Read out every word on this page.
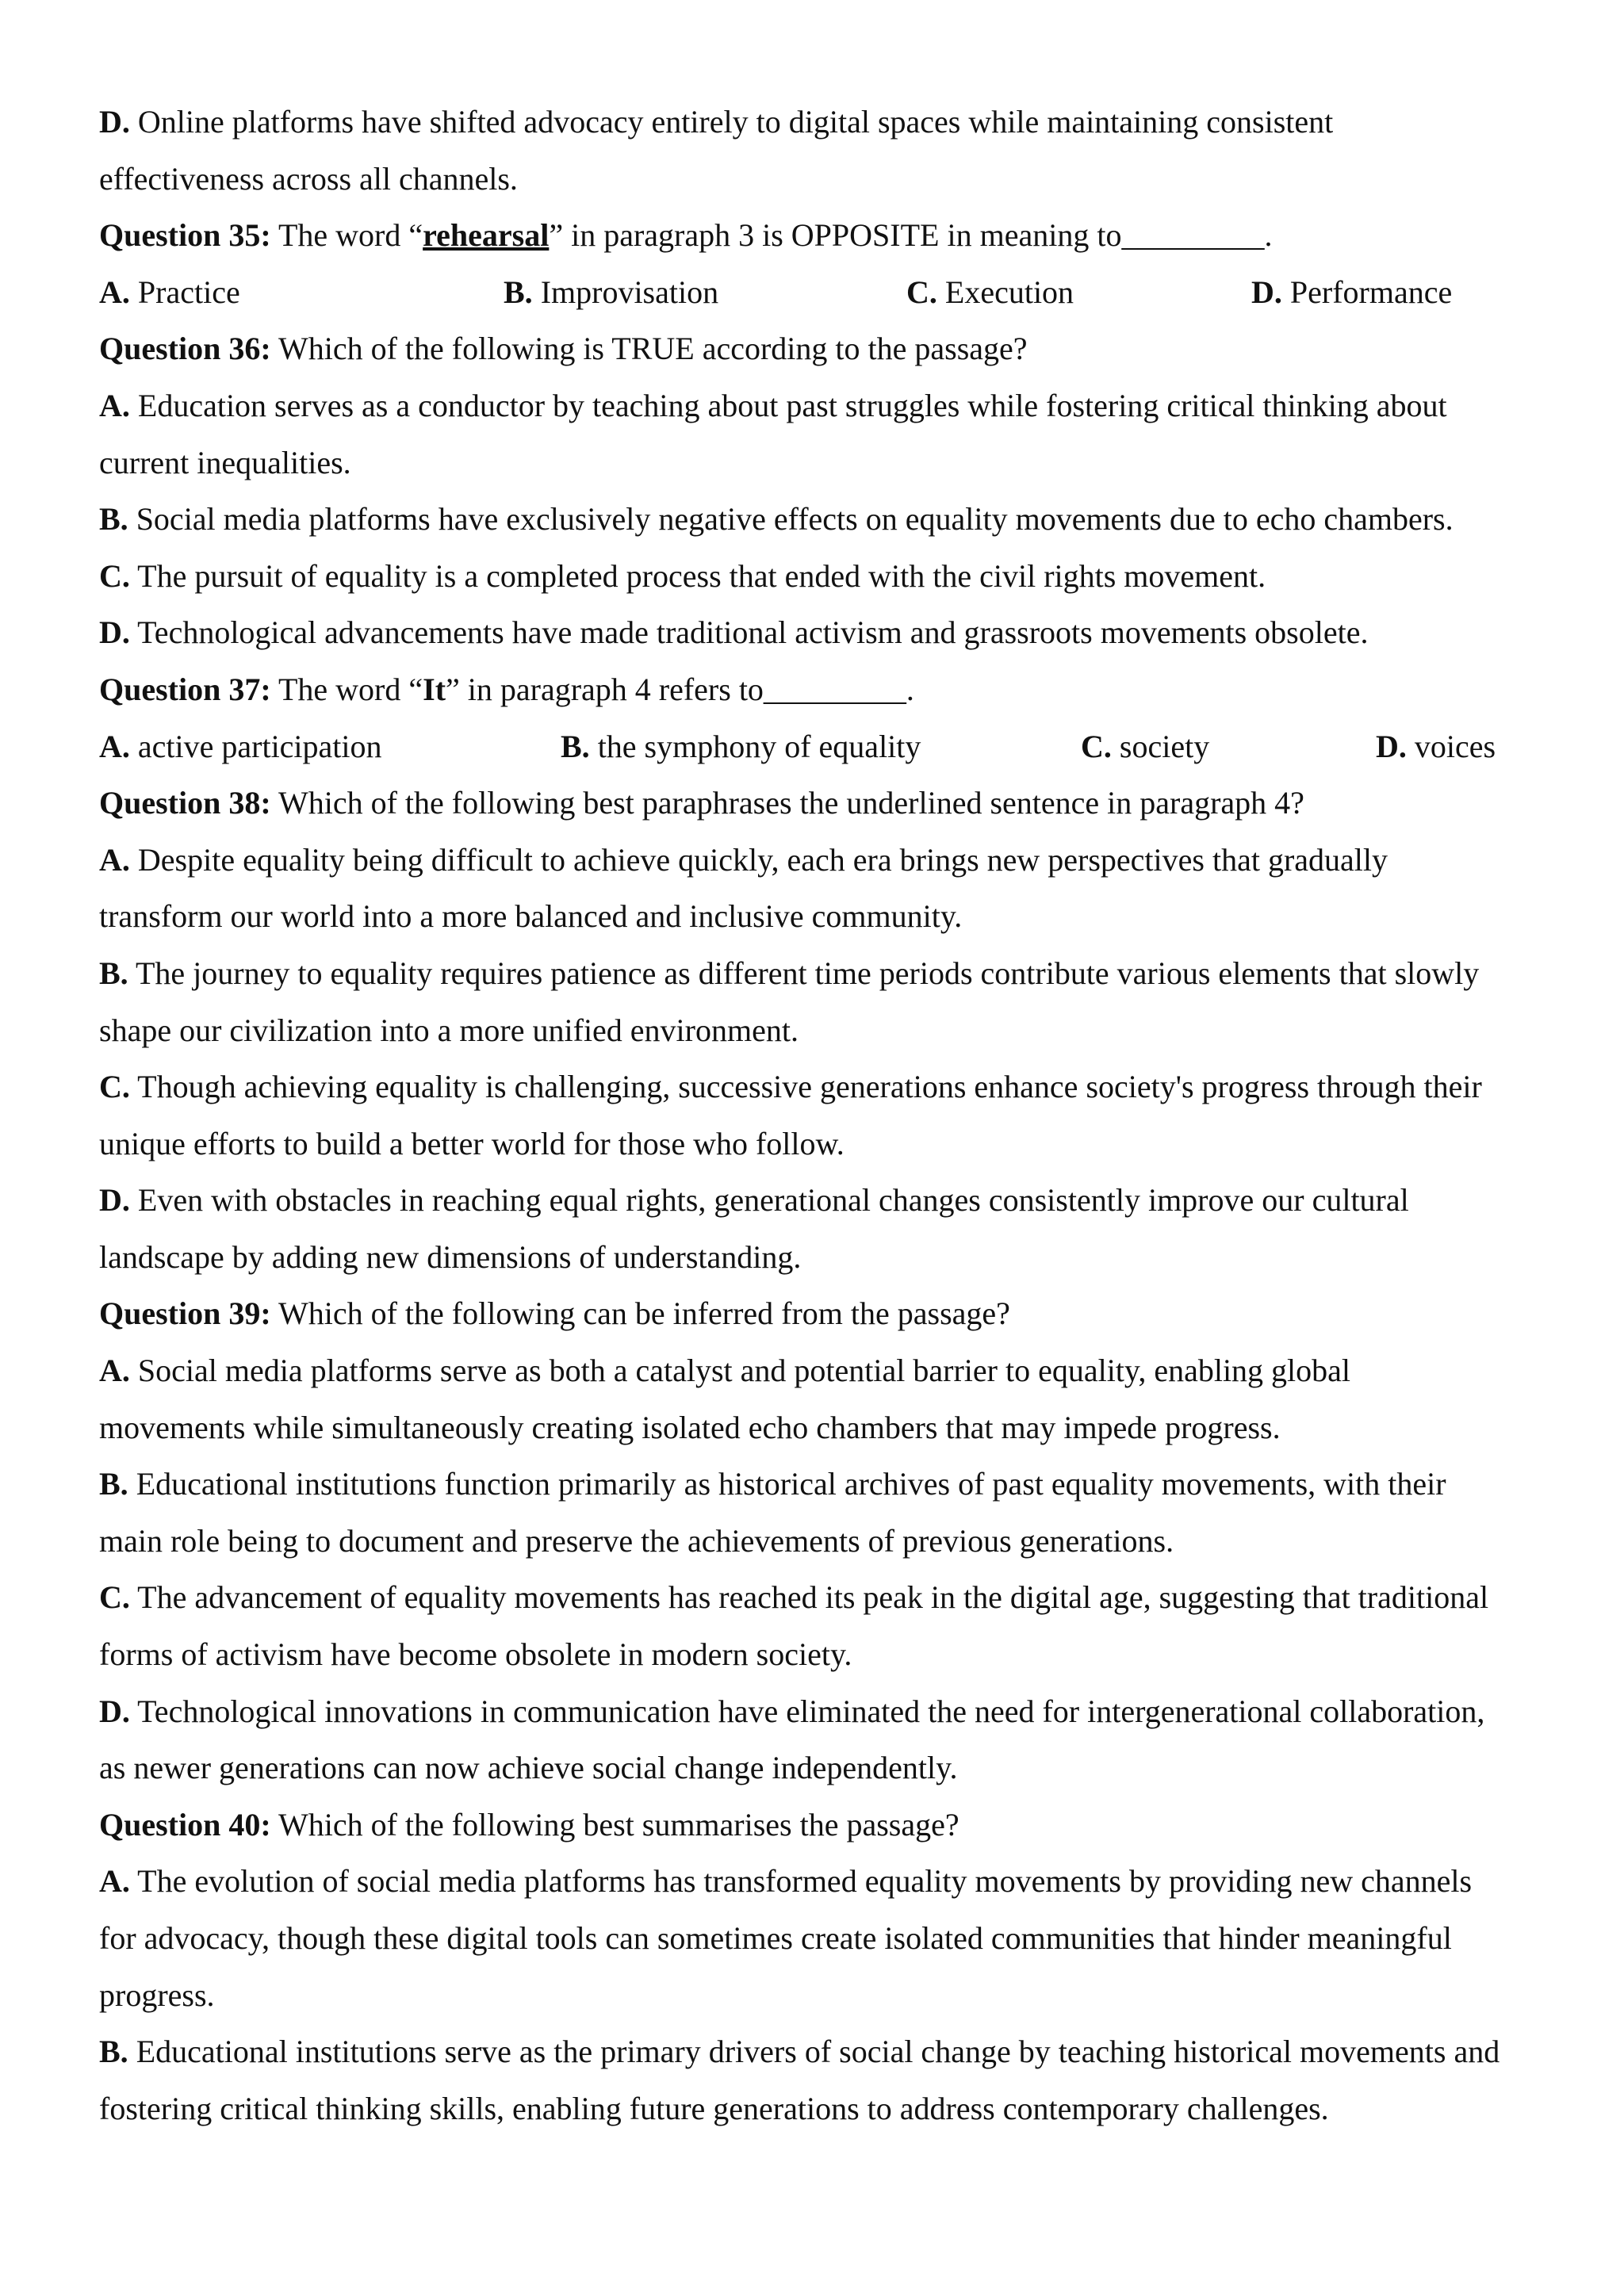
D. Online platforms have shifted advocacy entirely to digital spaces while maintaining consistent
effectiveness across all channels.
Question 35: The word “rehearsal” in paragraph 3 is OPPOSITE in meaning to_________.
A. Practice	B. Improvisation	C. Execution	D. Performance
Question 36: Which of the following is TRUE according to the passage?
A. Education serves as a conductor by teaching about past struggles while fostering critical thinking about
current inequalities.
B. Social media platforms have exclusively negative effects on equality movements due to echo chambers.
C. The pursuit of equality is a completed process that ended with the civil rights movement.
D. Technological advancements have made traditional activism and grassroots movements obsolete.
Question 37: The word “It” in paragraph 4 refers to_________.
A. active participation	B. the symphony of equality	C. society	D. voices
Question 38: Which of the following best paraphrases the underlined sentence in paragraph 4?
A. Despite equality being difficult to achieve quickly, each era brings new perspectives that gradually
transform our world into a more balanced and inclusive community.
B. The journey to equality requires patience as different time periods contribute various elements that slowly
shape our civilization into a more unified environment.
C. Though achieving equality is challenging, successive generations enhance society's progress through their
unique efforts to build a better world for those who follow.
D. Even with obstacles in reaching equal rights, generational changes consistently improve our cultural
landscape by adding new dimensions of understanding.
Question 39: Which of the following can be inferred from the passage?
A. Social media platforms serve as both a catalyst and potential barrier to equality, enabling global
movements while simultaneously creating isolated echo chambers that may impede progress.
B. Educational institutions function primarily as historical archives of past equality movements, with their
main role being to document and preserve the achievements of previous generations.
C. The advancement of equality movements has reached its peak in the digital age, suggesting that traditional
forms of activism have become obsolete in modern society.
D. Technological innovations in communication have eliminated the need for intergenerational collaboration,
as newer generations can now achieve social change independently.
Question 40: Which of the following best summarises the passage?
A. The evolution of social media platforms has transformed equality movements by providing new channels
for advocacy, though these digital tools can sometimes create isolated communities that hinder meaningful
progress.
B. Educational institutions serve as the primary drivers of social change by teaching historical movements and
fostering critical thinking skills, enabling future generations to address contemporary challenges.
